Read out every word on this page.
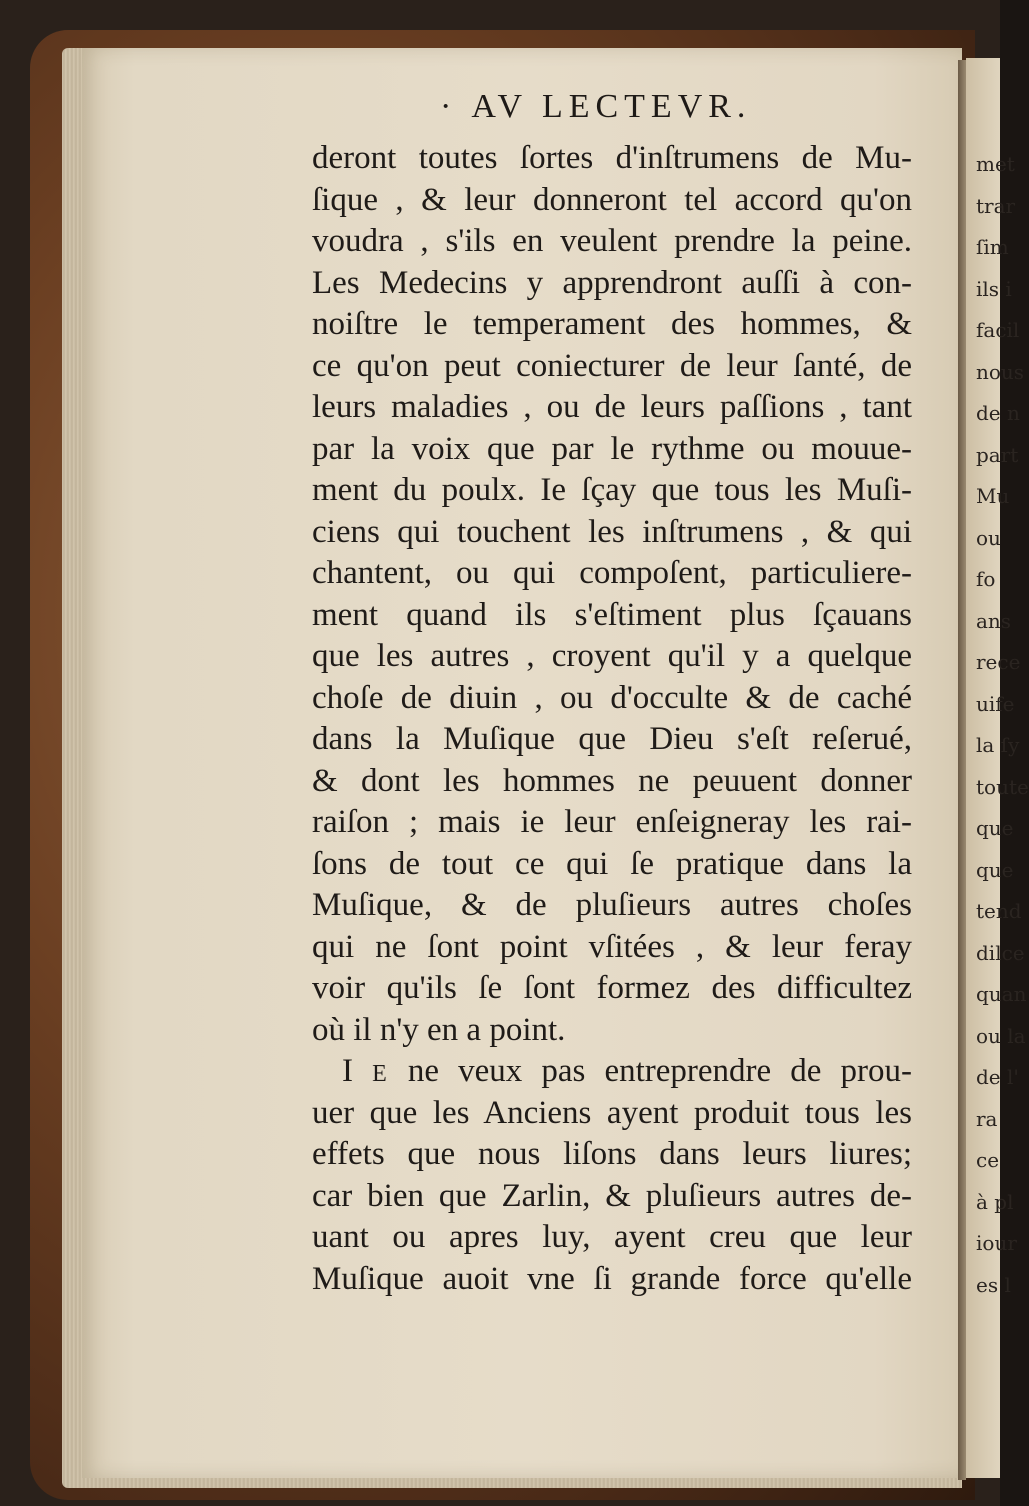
met
trar
ſim
ils i
facil
nous
de n
part
Mu
ou
fo
ans
rece
uife
la ſy
toute
que
que
tend
dilce
quan
ou la
de l'
ra
ce
à pl
iour
es l
· AV LECTEVR.
deront toutes ſortes d'inſtrumens de Mu-
ſique , & leur donneront tel accord qu'on
voudra , s'ils en veulent prendre la peine.
Les Medecins y apprendront auſſi à con-
noiſtre le temperament des hommes, &
ce qu'on peut coniecturer de leur ſanté, de
leurs maladies , ou de leurs paſſions , tant
par la voix que par le rythme ou mouue-
ment du poulx. Ie ſçay que tous les Muſi-
ciens qui touchent les inſtrumens , & qui
chantent, ou qui compoſent, particuliere-
ment quand ils s'eſtiment plus ſçauans
que les autres , croyent qu'il y a quelque
choſe de diuin , ou d'occulte & de caché
dans la Muſique que Dieu s'eſt reſerué,
& dont les hommes ne peuuent donner
raiſon ; mais ie leur enſeigneray les rai-
ſons de tout ce qui ſe pratique dans la
Muſique, & de pluſieurs autres choſes
qui ne ſont point vſitées , & leur feray
voir qu'ils ſe ſont formez des difficultez
où il n'y en a point.
I E ne veux pas entreprendre de prou-
uer que les Anciens ayent produit tous les
effets que nous liſons dans leurs liures;
car bien que Zarlin, & pluſieurs autres de-
uant ou apres luy, ayent creu que leur
Muſique auoit vne ſi grande force qu'elle
